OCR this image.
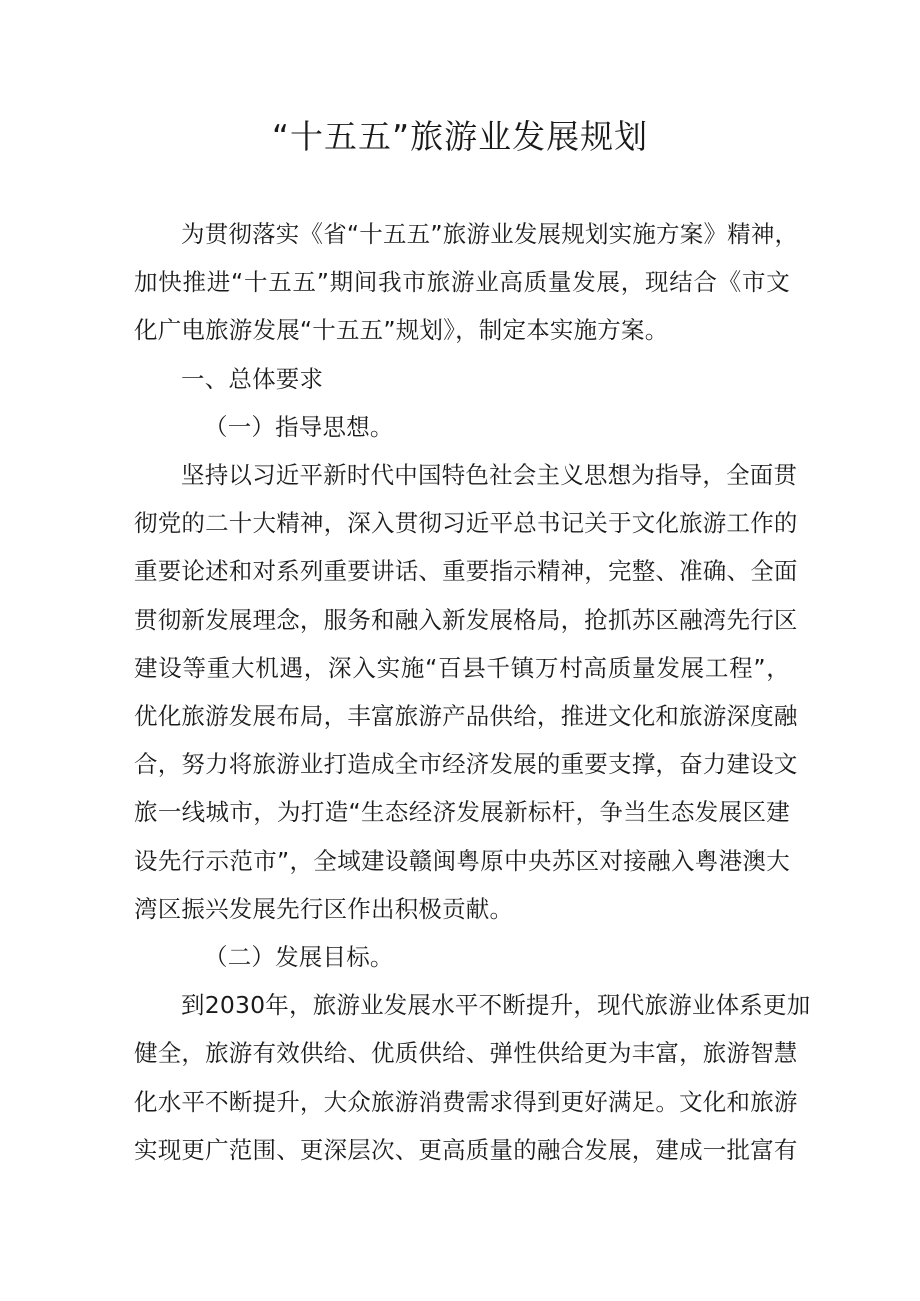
“十五五”旅游业发展规划

为贯彻落实《省“十五五”旅游业发展规划实施方案》精神，
加快推进“十五五”期间我市旅游业高质量发展，现结合《市文
化广电旅游发展“十五五”规划》，制定本实施方案。

一、总体要求

（一）指导思想。

坚持以习近平新时代中国特色社会主义思想为指导，全面贯
彻党的二十大精神，深入贯彻习近平总书记关于文化旅游工作的
重要论述和对系列重要讲话、重要指示精神，完整、准确、全面
贯彻新发展理念，服务和融入新发展格局，抢抓苏区融湾先行区
建设等重大机遇，深入实施“百县千镇万村高质量发展工程”，
优化旅游发展布局，丰富旅游产品供给，推进文化和旅游深度融
合，努力将旅游业打造成全市经济发展的重要支撑，奋力建设文
旅一线城市，为打造“生态经济发展新标杆，争当生态发展区建
设先行示范市”，全域建设赣闽粤原中央苏区对接融入粤港澳大
湾区振兴发展先行区作出积极贡献。

（二）发展目标。

到2030年，旅游业发展水平不断提升，现代旅游业体系更加
健全，旅游有效供给、优质供给、弹性供给更为丰富，旅游智慧
化水平不断提升，大众旅游消费需求得到更好满足。文化和旅游
实现更广范围、更深层次、更高质量的融合发展，建成一批富有
